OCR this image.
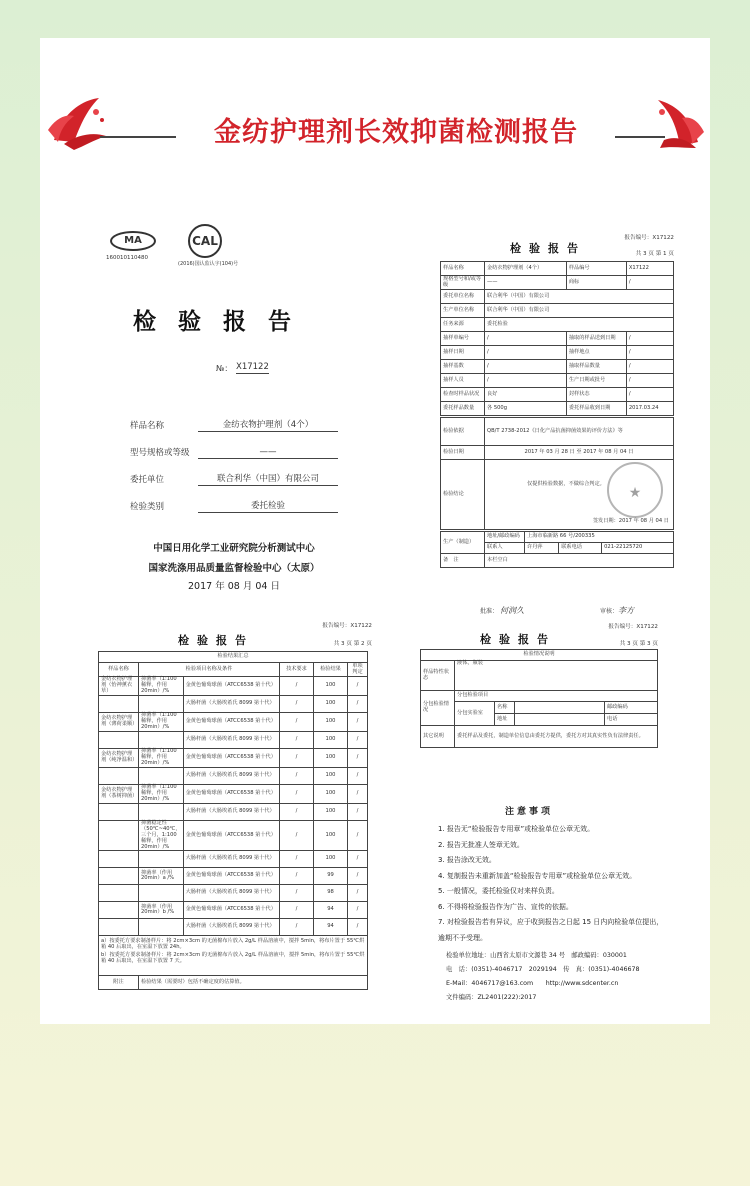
金纺护理剂长效抑菌检测报告
MA
160010110480
CAL
(2016)国认监认字(104)号
检验报告
№： X17122
样品名称	金纺衣物护理剂（4个）
型号规格或等级	——
委托单位	联合利华（中国）有限公司
检验类别	委托检验
中国日用化学工业研究院分析测试中心
国家洗涤用品质量监督检验中心（太原）
2017 年 08 月 04 日
报告编号：X17122
检验报告	共 3 页 第 1 页
样品名称	金纺衣物护理剂（4个）	样品编号	X17122
规格型号和/或等级	——	商标	/
委托单位名称	联合利华（中国）有限公司		
生产单位名称	联合利华（中国）有限公司		
任务来源	委托检验		
抽样单编号	/	抽取的样品送到日期	/
抽样日期	/	抽样地点	/
抽样基数	/	抽取样品数量	/
抽样人员	/	生产日期或批号	/
检查时样品状况	良好	封样状态	/
委托样品数量	各 500g	委托样品收到日期	2017.03.24
检验依据	QB/T 2738-2012《日化产品抗菌抑菌效果的评价方法》等
检验日期	2017 年 03 月 28 日 至 2017 年 08 月 04 日
检验结论	仅提供检验数据，不做综合判定。
签发日期：2017 年 08 月 04 日
★
生产（制造）	地址/邮政编码	上海市临新路 66 号/200335		
	联系人	许丹萍	联系电话	021-22125720
备　注	本栏空白			
批准： 何润久	审核： 李方
报告编号：X17122
检验报告	共 3 页 第 2 页
检验结果汇总					
样品名称	检验项目名称及条件		技术要求	检验结果	单项判定
金纺衣物护理剂（怡神薰衣草）	抑菌率（1:100 稀释，作用 20min）/%	金黄色葡萄球菌（ATCC6538 第十代）	/	100	/
		大肠杆菌（大肠埃希氏 8099 第十代）	/	100	/
金纺衣物护理剂（薄荷柔顺）	抑菌率（1:100 稀释，作用 20min）/%	金黄色葡萄球菌（ATCC6538 第十代）	/	100	/
		大肠杆菌（大肠埃希氏 8099 第十代）	/	100	/
金纺衣物护理剂（纯净温和）	抑菌率（1:100 稀释，作用 20min）/%	金黄色葡萄球菌（ATCC6538 第十代）	/	100	/
		大肠杆菌（大肠埃希氏 8099 第十代）	/	100	/
金纺衣物护理剂（茶树抑菌）	抑菌率（1:100 稀释，作用 20min）/%	金黄色葡萄球菌（ATCC6538 第十代）	/	100	/
		大肠杆菌（大肠埃希氏 8099 第十代）	/	100	/
	抑菌稳定性（50℃~40℃，三个月，1:100 稀释，作用 20min）/%	金黄色葡萄球菌（ATCC6538 第十代）	/	100	/
		大肠杆菌（大肠埃希氏 8099 第十代）	/	100	/
	抑菌率（作用 20min）a /%	金黄色葡萄球菌（ATCC6538 第十代）	/	99	/
		大肠杆菌（大肠埃希氏 8099 第十代）	/	98	/
	抑菌率（作用 20min）b /%	金黄色葡萄球菌（ATCC6538 第十代）	/	94	/
		大肠杆菌（大肠埃希氏 8099 第十代）	/	94	/

a）按委托方要求制备样片：将 2cm×3cm 的无菌棉布片放入 2g/L 样品溶液中，搅拌 5min，将布片置于 55℃烘箱 40 后取出，在室温下放置 24h。
b）按委托方要求制备样片：将 2cm×3cm 的无菌棉布片放入 2g/L 样品溶液中，搅拌 5min，将布片置于 55℃烘箱 40 后取出，在室温下放置 7 天。					

附注	检验结果（需要时）包括不确定度的估算值。				
报告编号：X17122
检验报告	共 3 页 第 3 页
检验情况说明				
样品特性状态	液体，瓶装			
分包检验情况	分包检验项目			
	分包实验室	名称		邮政编码
		地址		电话
其它说明	委托样品及委托，制造单位信息由委托方提供，委托方对其真实性负有法律责任。			
注意事项
1. 报告无“检验报告专用章”或检验单位公章无效。
2. 报告无批准人签章无效。
3. 报告涂改无效。
4. 复制报告未重新加盖“检验报告专用章”或检验单位公章无效。
5. 一般情况，委托检验仅对来样负责。
6. 不得将检验报告作为广告、宣传的依据。
7. 对检验报告若有异议，应于收到报告之日起 15 日内向检验单位提出，
逾期不予受理。
检验单位地址：山西省太原市文源巷 34 号　邮政编码：030001
电　话：(0351)-4046717　2029194　传　真：(0351)-4046678
E-Mail：4046717@163.com　　http://www.sdcenter.cn
文件编码：ZL2401(222):2017
